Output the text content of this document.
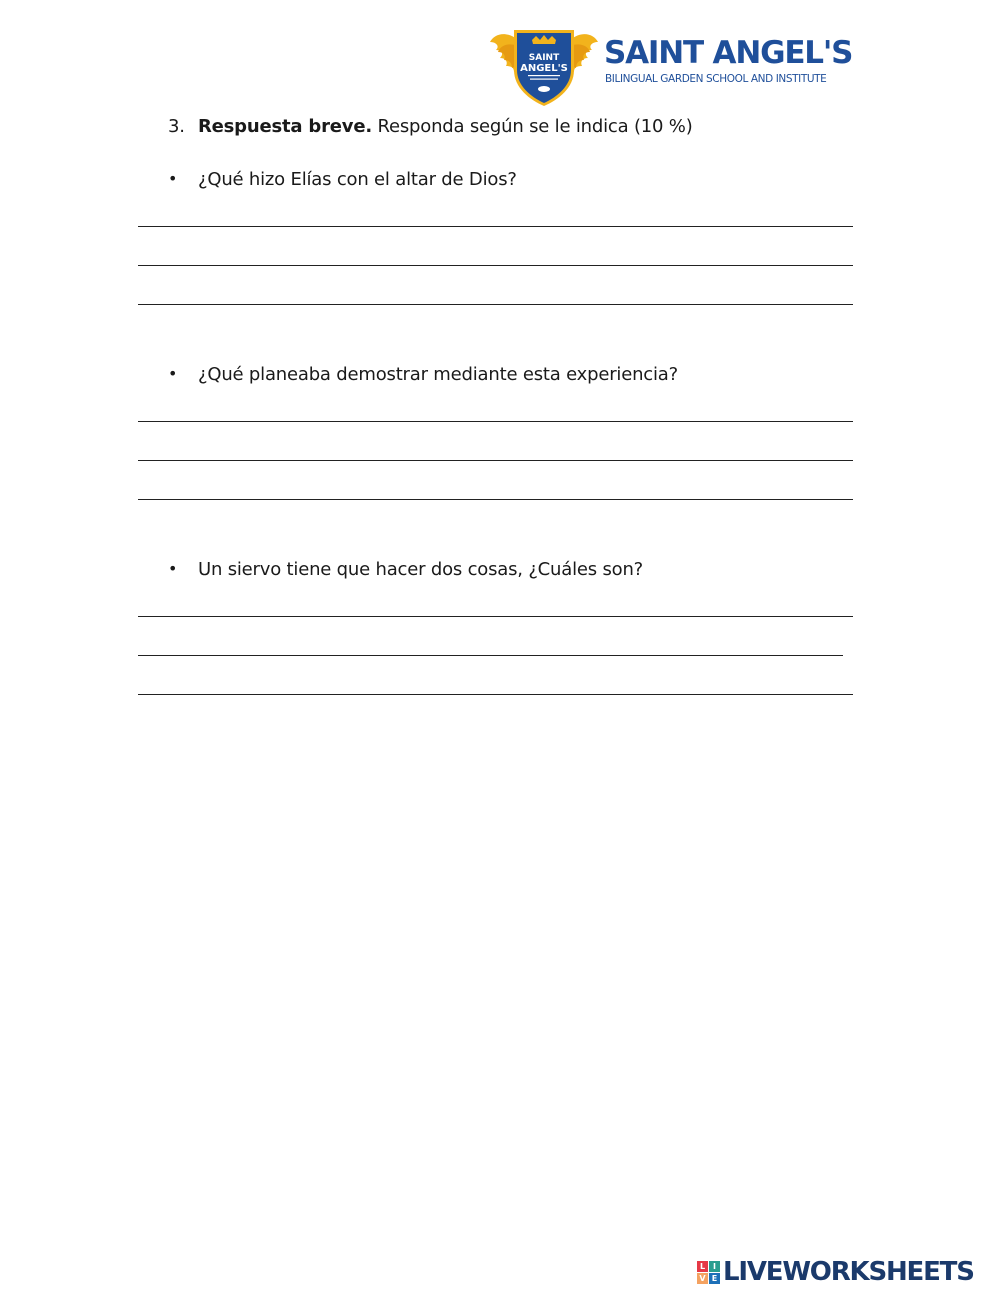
SAINT
ANGEL'S SAINT ANGEL'S
BILINGUAL GARDEN SCHOOL AND INSTITUTE
3. Respuesta breve. Responda según se le indica (10 %)
• ¿Qué hizo Elías con el altar de Dios?
• ¿Qué planeaba demostrar mediante esta experiencia?
• Un siervo tiene que hacer dos cosas, ¿Cuáles son?
L I
V E LIVEWORKSHEETS
